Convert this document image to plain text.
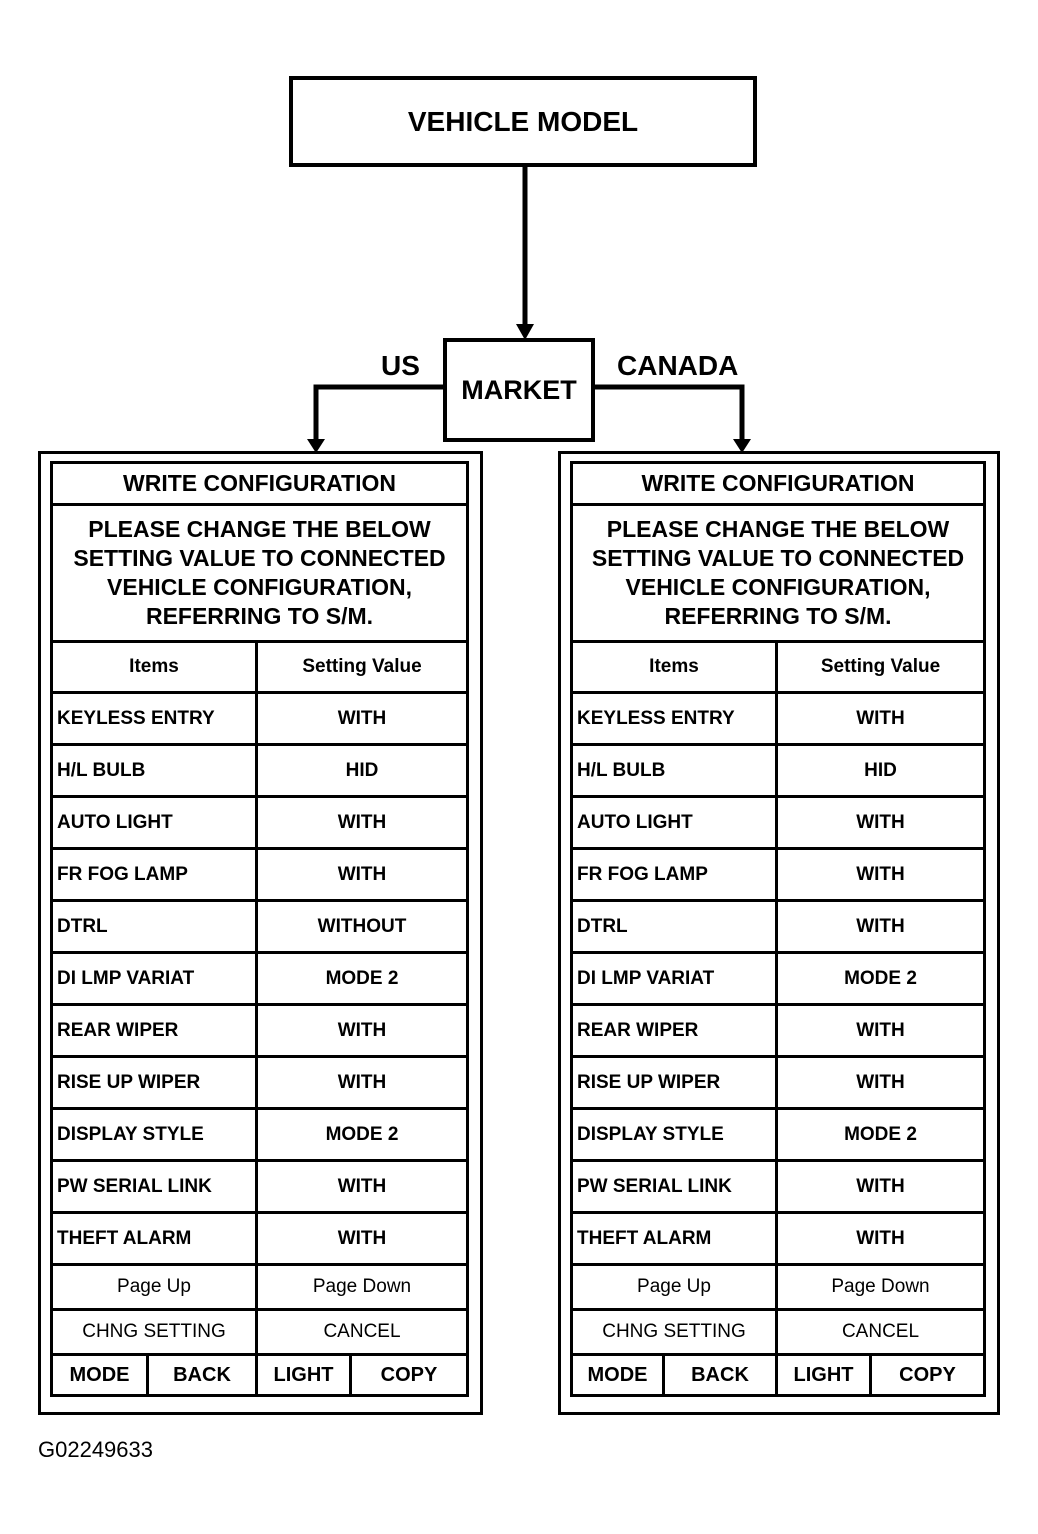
VEHICLE MODEL
MARKET
US	CANADA
WRITE CONFIGURATION
PLEASE CHANGE THE BELOW SETTING VALUE TO CONNECTED VEHICLE CONFIGURATION, REFERRING TO S/M.
Items	Setting Value
KEYLESS ENTRY	WITH
H/L BULB	HID
AUTO LIGHT	WITH
FR FOG LAMP	WITH
DTRL	WITHOUT
DI LMP VARIAT	MODE 2
REAR WIPER	WITH
RISE UP WIPER	WITH
DISPLAY STYLE	MODE 2
PW SERIAL LINK	WITH
THEFT ALARM	WITH
Page Up	Page Down
CHNG SETTING	CANCEL
MODE	BACK	LIGHT	COPY
WRITE CONFIGURATION
PLEASE CHANGE THE BELOW SETTING VALUE TO CONNECTED VEHICLE CONFIGURATION, REFERRING TO S/M.
Items	Setting Value
KEYLESS ENTRY	WITH
H/L BULB	HID
AUTO LIGHT	WITH
FR FOG LAMP	WITH
DTRL	WITH
DI LMP VARIAT	MODE 2
REAR WIPER	WITH
RISE UP WIPER	WITH
DISPLAY STYLE	MODE 2
PW SERIAL LINK	WITH
THEFT ALARM	WITH
Page Up	Page Down
CHNG SETTING	CANCEL
MODE	BACK	LIGHT	COPY
G02249633
